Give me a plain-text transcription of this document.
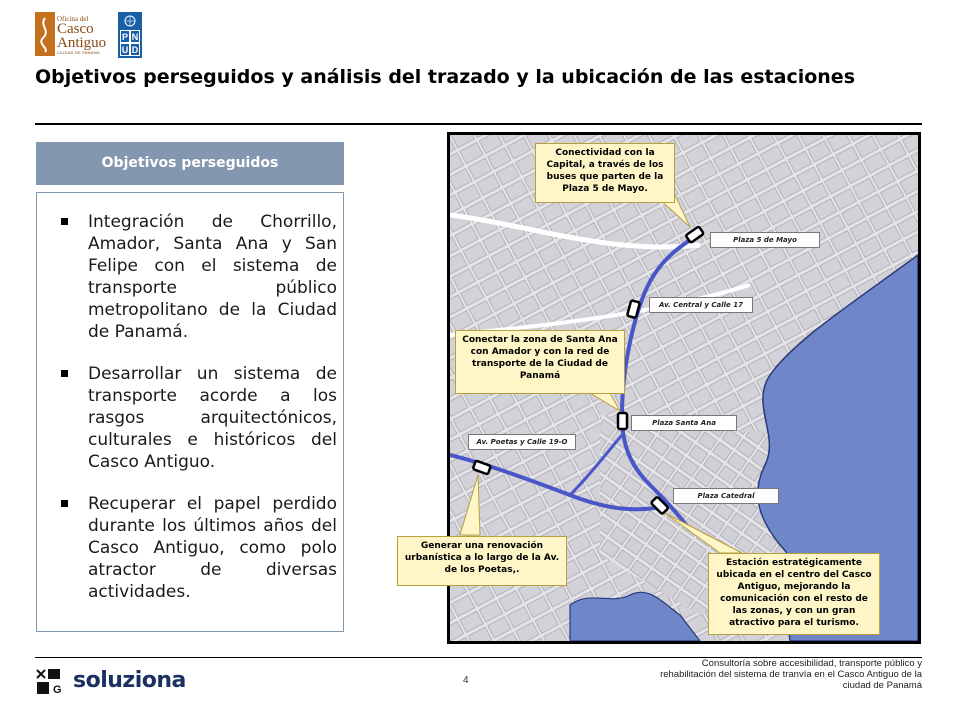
Oficina del
Casco
Antiguo
CIUDAD DE PANAMÁ
P N
U D
Objetivos perseguidos y análisis del trazado y la ubicación de las estaciones
Objetivos perseguidos
Integración de Chorrillo, Amador, Santa Ana y San Felipe con el sistema de transporte público metropolitano de la Ciudad de Panamá.
Desarrollar un sistema de transporte acorde a los rasgos arquitectónicos, culturales e históricos del Casco Antiguo.
Recuperar el papel perdido durante los últimos años del Casco Antiguo, como polo atractor de diversas actividades.
Conectividad con la Capital, a través de los buses que parten de la Plaza 5 de Mayo.
Conectar la zona de Santa Ana con Amador y con la red de transporte de la Ciudad de Panamá
Estación estratégicamente ubicada en el centro del Casco Antiguo, mejorando la comunicación con el resto de las zonas, y con un gran atractivo para el turismo.
Plaza 5 de Mayo
Av. Central y Calle 17
Plaza Santa Ana
Av. Poetas y Calle 19-O
Plaza Catedral
Generar una renovación urbanística a lo largo de la Av. de los Poetas,.
G soluziona	4
Consultoría sobre accesibilidad, transporte público y rehabilitación del sistema de tranvía en el Casco Antiguo de la ciudad de Panamá
